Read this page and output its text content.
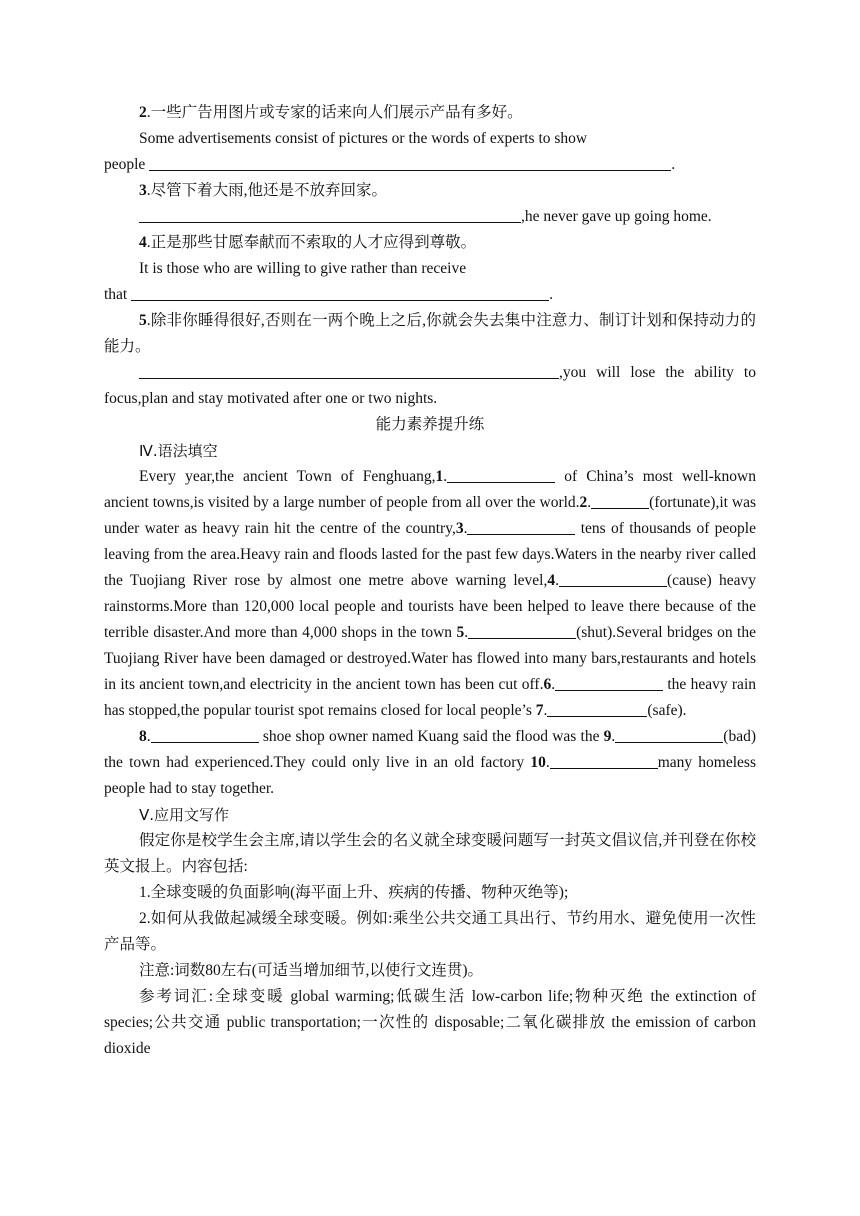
2.一些广告用图片或专家的话来向人们展示产品有多好。

Some advertisements consist of pictures or the words of experts to show

people	.

3.尽管下着大雨,他还是不放弃回家。

,he never gave up going home.

4.正是那些甘愿奉献而不索取的人才应得到尊敬。

It is those who are willing to give rather than receive

that	.

5.除非你睡得很好,否则在一两个晚上之后,你就会失去集中注意力、制订计划和保持动力的能力。

,you will lose the ability to focus,plan and stay motivated after one or two nights.

能力素养提升练

Ⅳ.语法填空

Every year,the ancient Town of Fenghuang,1.	of China’s most well-known ancient towns,is visited by a large number of people from all over the world.2.	(fortunate),it was under water as heavy rain hit the centre of the country,3.	tens of thousands of people leaving from the area.Heavy rain and floods lasted for the past few days.Waters in the nearby river called the Tuojiang River rose by almost one metre above warning level,4.	(cause) heavy rainstorms.More than 120,000 local people and tourists have been helped to leave there because of the terrible disaster.And more than 4,000 shops in the town 5.	(shut).Several bridges on the Tuojiang River have been damaged or destroyed.Water has flowed into many bars,restaurants and hotels in its ancient town,and electricity in the ancient town has been cut off.6.	the heavy rain has stopped,the popular tourist spot remains closed for local people’s 7.	(safe).

8.	shoe shop owner named Kuang said the flood was the 9.	(bad) the town had experienced.They could only live in an old factory 10.	many homeless people had to stay together.

Ⅴ.应用文写作

假定你是校学生会主席,请以学生会的名义就全球变暖问题写一封英文倡议信,并刊登在你校英文报上。内容包括:

1.全球变暖的负面影响(海平面上升、疾病的传播、物种灭绝等);

2.如何从我做起减缓全球变暖。例如:乘坐公共交通工具出行、节约用水、避免使用一次性产品等。

注意:词数80左右(可适当增加细节,以使行文连贯)。

参考词汇:全球变暖 global warming;低碳生活 low-carbon life;物种灭绝 the extinction of species;公共交通 public transportation;一次性的 disposable;二氧化碳排放 the emission of carbon dioxide
